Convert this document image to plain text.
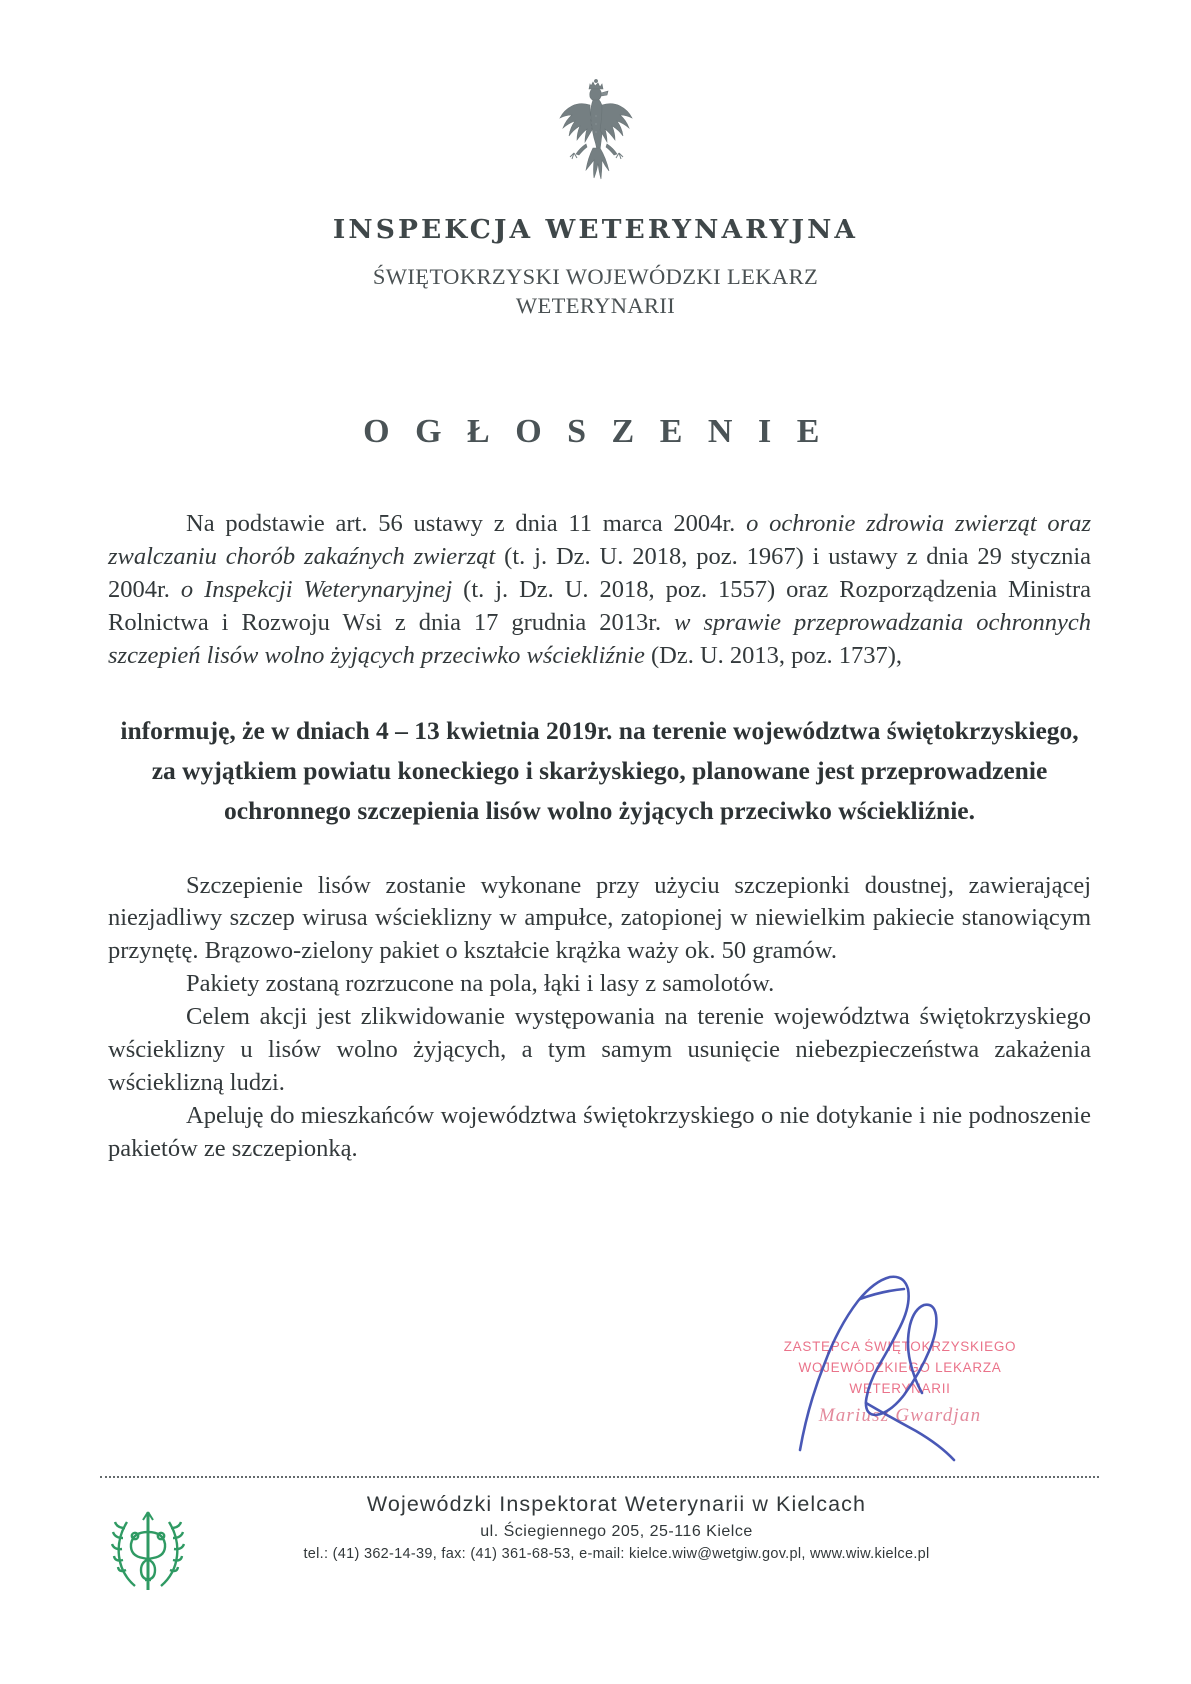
INSPEKCJA WETERYNARYJNA
ŚWIĘTOKRZYSKI WOJEWÓDZKI LEKARZ
WETERYNARII
O G Ł O S Z E N I E

Na podstawie art. 56 ustawy z dnia 11 marca 2004r. o ochronie zdrowia zwierząt oraz zwalczaniu chorób zakaźnych zwierząt (t. j. Dz. U. 2018, poz. 1967) i ustawy z dnia 29 stycznia 2004r. o Inspekcji Weterynaryjnej (t. j. Dz. U. 2018, poz. 1557) oraz Rozporządzenia Ministra Rolnictwa i Rozwoju Wsi z dnia 17 grudnia 2013r. w sprawie przeprowadzania ochronnych szczepień lisów wolno żyjących przeciwko wściekliźnie (Dz. U. 2013, poz. 1737),

informuję, że w dniach 4 – 13 kwietnia 2019r. na terenie województwa świętokrzyskiego, za wyjątkiem powiatu koneckiego i skarżyskiego, planowane jest przeprowadzenie ochronnego szczepienia lisów wolno żyjących przeciwko wściekliźnie.

Szczepienie lisów zostanie wykonane przy użyciu szczepionki doustnej, zawierającej niezjadliwy szczep wirusa wścieklizny w ampułce, zatopionej w niewielkim pakiecie stanowiącym przynętę. Brązowo-zielony pakiet o kształcie krążka waży ok. 50 gramów.

Pakiety zostaną rozrzucone na pola, łąki i lasy z samolotów.

Celem akcji jest zlikwidowanie występowania na terenie województwa świętokrzyskiego wścieklizny u lisów wolno żyjących, a tym samym usunięcie niebezpieczeństwa zakażenia wścieklizną ludzi.

Apeluję do mieszkańców województwa świętokrzyskiego o nie dotykanie i nie podnoszenie pakietów ze szczepionką.

ZASTĘPCA ŚWIĘTOKRZYSKIEGO
WOJEWÓDZKIEGO LEKARZA WETERYNARII
Mariusz Gwardjan
Wojewódzki Inspektorat Weterynarii w Kielcach
ul. Ściegiennego 205, 25-116 Kielce
tel.: (41) 362-14-39, fax: (41) 361-68-53, e-mail: kielce.wiw@wetgiw.gov.pl, www.wiw.kielce.pl
